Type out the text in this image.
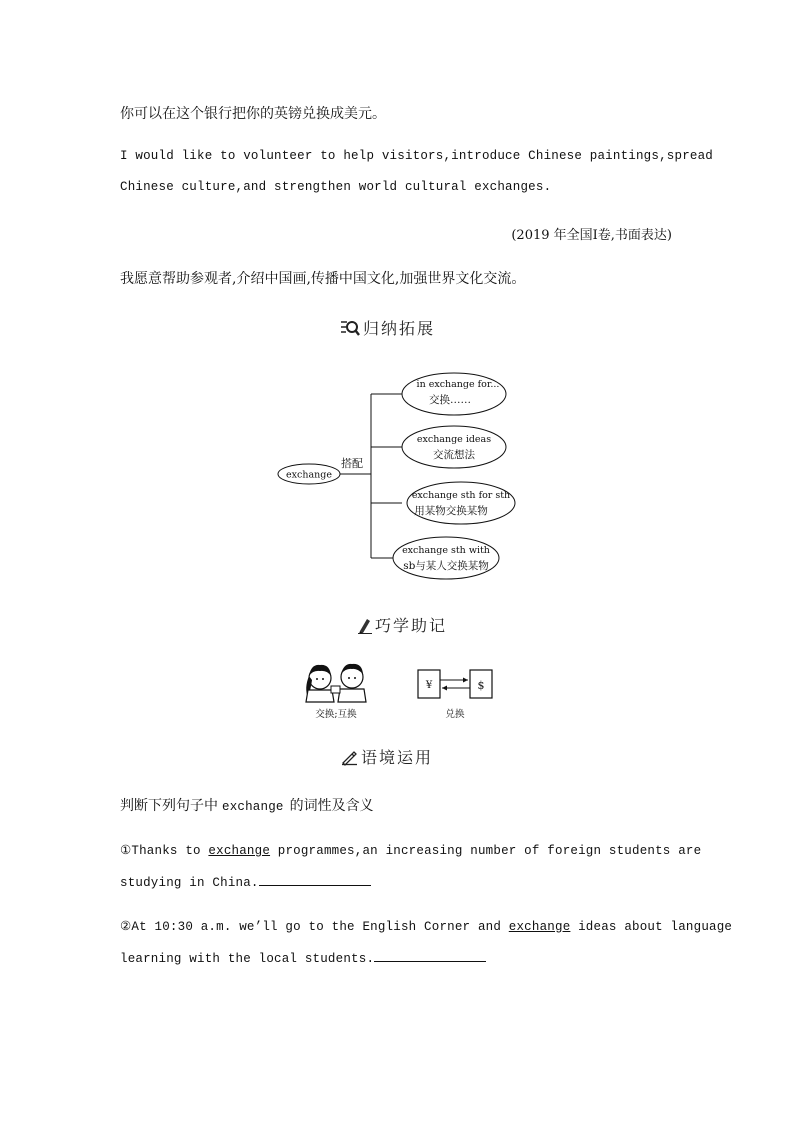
你可以在这个银行把你的英镑兑换成美元。
I would like to volunteer to help visitors,introduce Chinese paintings,spread
Chinese culture,and strengthen world cultural exchanges.
(2019 年全国Ⅰ卷,书面表达)
我愿意帮助参观者,介绍中国画,传播中国文化,加强世界文化交流。
归纳拓展
exchange
搭配
in exchange for...
交换……
exchange ideas
交流想法
exchange sth for sth
用某物交换某物
exchange sth with
sb与某人交换某物
巧学助记
交换;互换
¥	$
兑换
语境运用
判断下列句子中 exchange 的词性及含义
①Thanks to exchange programmes,an increasing number of foreign students are
studying in China.
②At 10:30 a.m. we’ll go to the English Corner and exchange ideas about language
learning with the local students.
